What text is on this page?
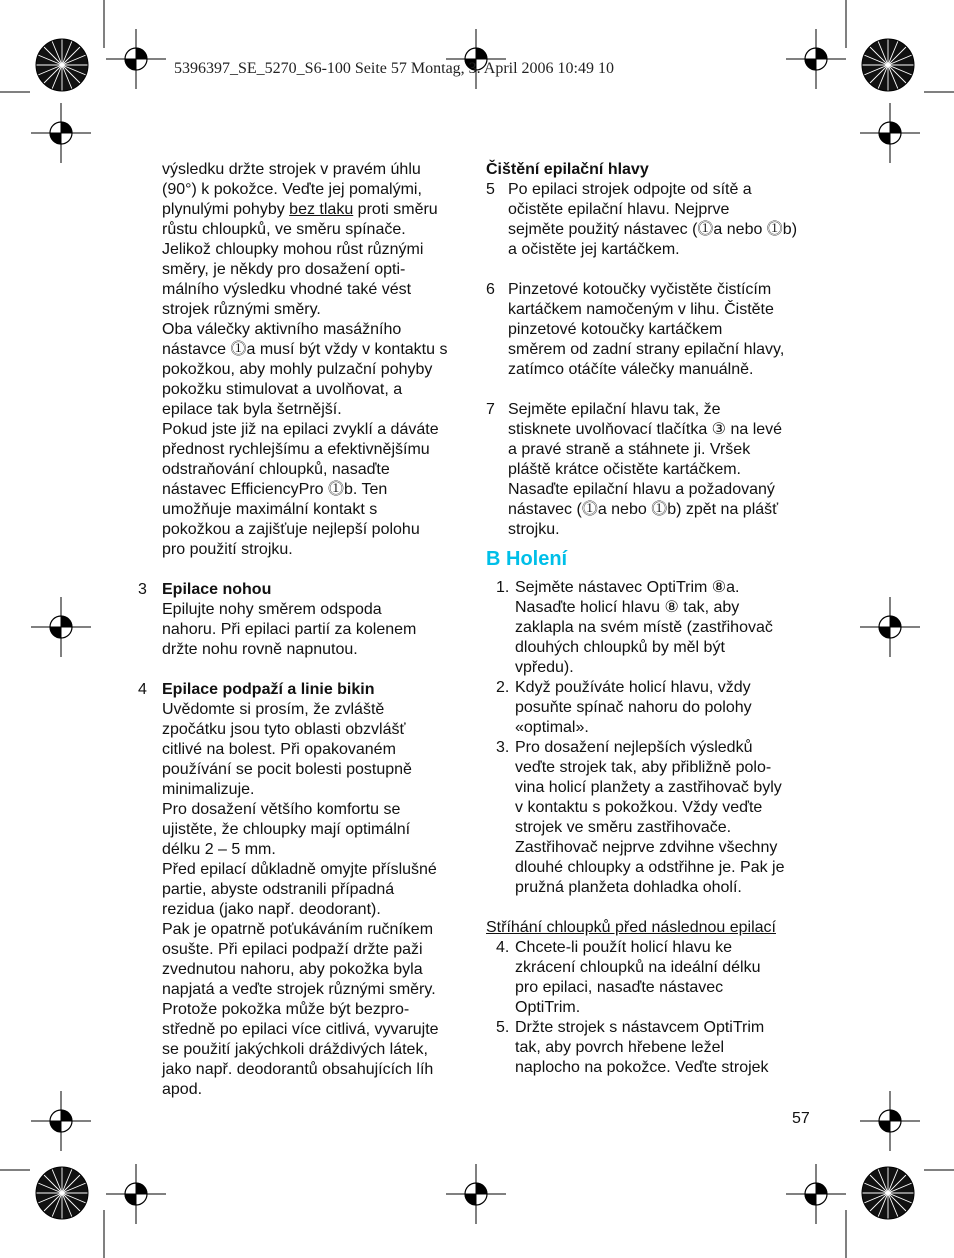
5396397_SE_5270_S6-100 Seite 57 Montag, 3. April 2006 10:49 10

výsledku držte strojek v pravém úhlu

(90°) k pokožce. Veďte jej pomalými,

plynulými pohyby bez tlaku proti směru

růstu chloupků, ve směru spínače.

Jelikož chloupky mohou růst různými

směry, je někdy pro dosažení opti-

málního výsledku vhodné také vést

strojek různými směry.

Oba válečky aktivního masážního

nástavce ⓵a musí být vždy v kontaktu s

pokožkou, aby mohly pulzační pohyby

pokožku stimulovat a uvolňovat, a

epilace tak byla šetrnější.

Pokud jste již na epilaci zvyklí a dáváte

přednost rychlejšímu a efektivnějšímu

odstraňování chloupků, nasaďte

nástavec EfficiencyPro ⓵b. Ten

umožňuje maximální kontakt s

pokožkou a zajišťuje nejlepší polohu

pro použití strojku.

3 Epilace nohou

Epilujte nohy směrem odspoda

nahoru. Při epilaci partií za kolenem

držte nohu rovně napnutou.

4 Epilace podpaží a linie bikin

Uvědomte si prosím, že zvláště

zpočátku jsou tyto oblasti obzvlášť

citlivé na bolest. Při opakovaném

používání se pocit bolesti postupně

minimalizuje.

Pro dosažení většího komfortu se

ujistěte, že chloupky mají optimální

délku 2 – 5 mm.

Před epilací důkladně omyjte příslušné

partie, abyste odstranili případná

rezidua (jako např. deodorant).

Pak je opatrně poťukáváním ručníkem

osušte. Při epilaci podpaží držte paži

zvednutou nahoru, aby pokožka byla

napjatá a veďte strojek různými směry.

Protože pokožka může být bezpro-

středně po epilaci více citlivá, vyvarujte

se použití jakýchkoli dráždivých látek,

jako např. deodorantů obsahujících líh

apod.

Čištění epilační hlavy

5 Po epilaci strojek odpojte od sítě a

očistěte epilační hlavu. Nejprve

sejměte použitý nástavec (⓵a nebo ⓵b)

a očistěte jej kartáčkem.

6 Pinzetové kotoučky vyčistěte čistícím

kartáčkem namočeným v lihu. Čistěte

pinzetové kotoučky kartáčkem

směrem od zadní strany epilační hlavy,

zatímco otáčíte válečky manuálně.

7 Sejměte epilační hlavu tak, že

stisknete uvolňovací tlačítka ③ na levé

a pravé straně a stáhnete ji. Vršek

pláště krátce očistěte kartáčkem.

Nasaďte epilační hlavu a požadovaný

nástavec (⓵a nebo ⓵b) zpět na plášť

strojku.

B Holení
1. Sejměte nástavec OptiTrim ⑧a.

Nasaďte holicí hlavu ⑧ tak, aby

zaklapla na svém místě (zastřihovač

dlouhých chloupků by měl být

vpředu).

2. Když používáte holicí hlavu, vždy

posuňte spínač nahoru do polohy

«optimal».

3. Pro dosažení nejlepších výsledků

veďte strojek tak, aby přibližně polo-

vina holicí planžety a zastřihovač byly

v kontaktu s pokožkou. Vždy veďte

strojek ve směru zastřihovače.

Zastřihovač nejprve zdvihne všechny

dlouhé chloupky a odstřihne je. Pak je

pružná planžeta dohladka oholí.

Stříhání chloupků před následnou epilací

4. Chcete-li použít holicí hlavu ke

zkrácení chloupků na ideální délku

pro epilaci, nasaďte nástavec

OptiTrim.

5. Držte strojek s nástavcem OptiTrim

tak, aby povrch hřebene ležel

naplocho na pokožce. Veďte strojek

57
